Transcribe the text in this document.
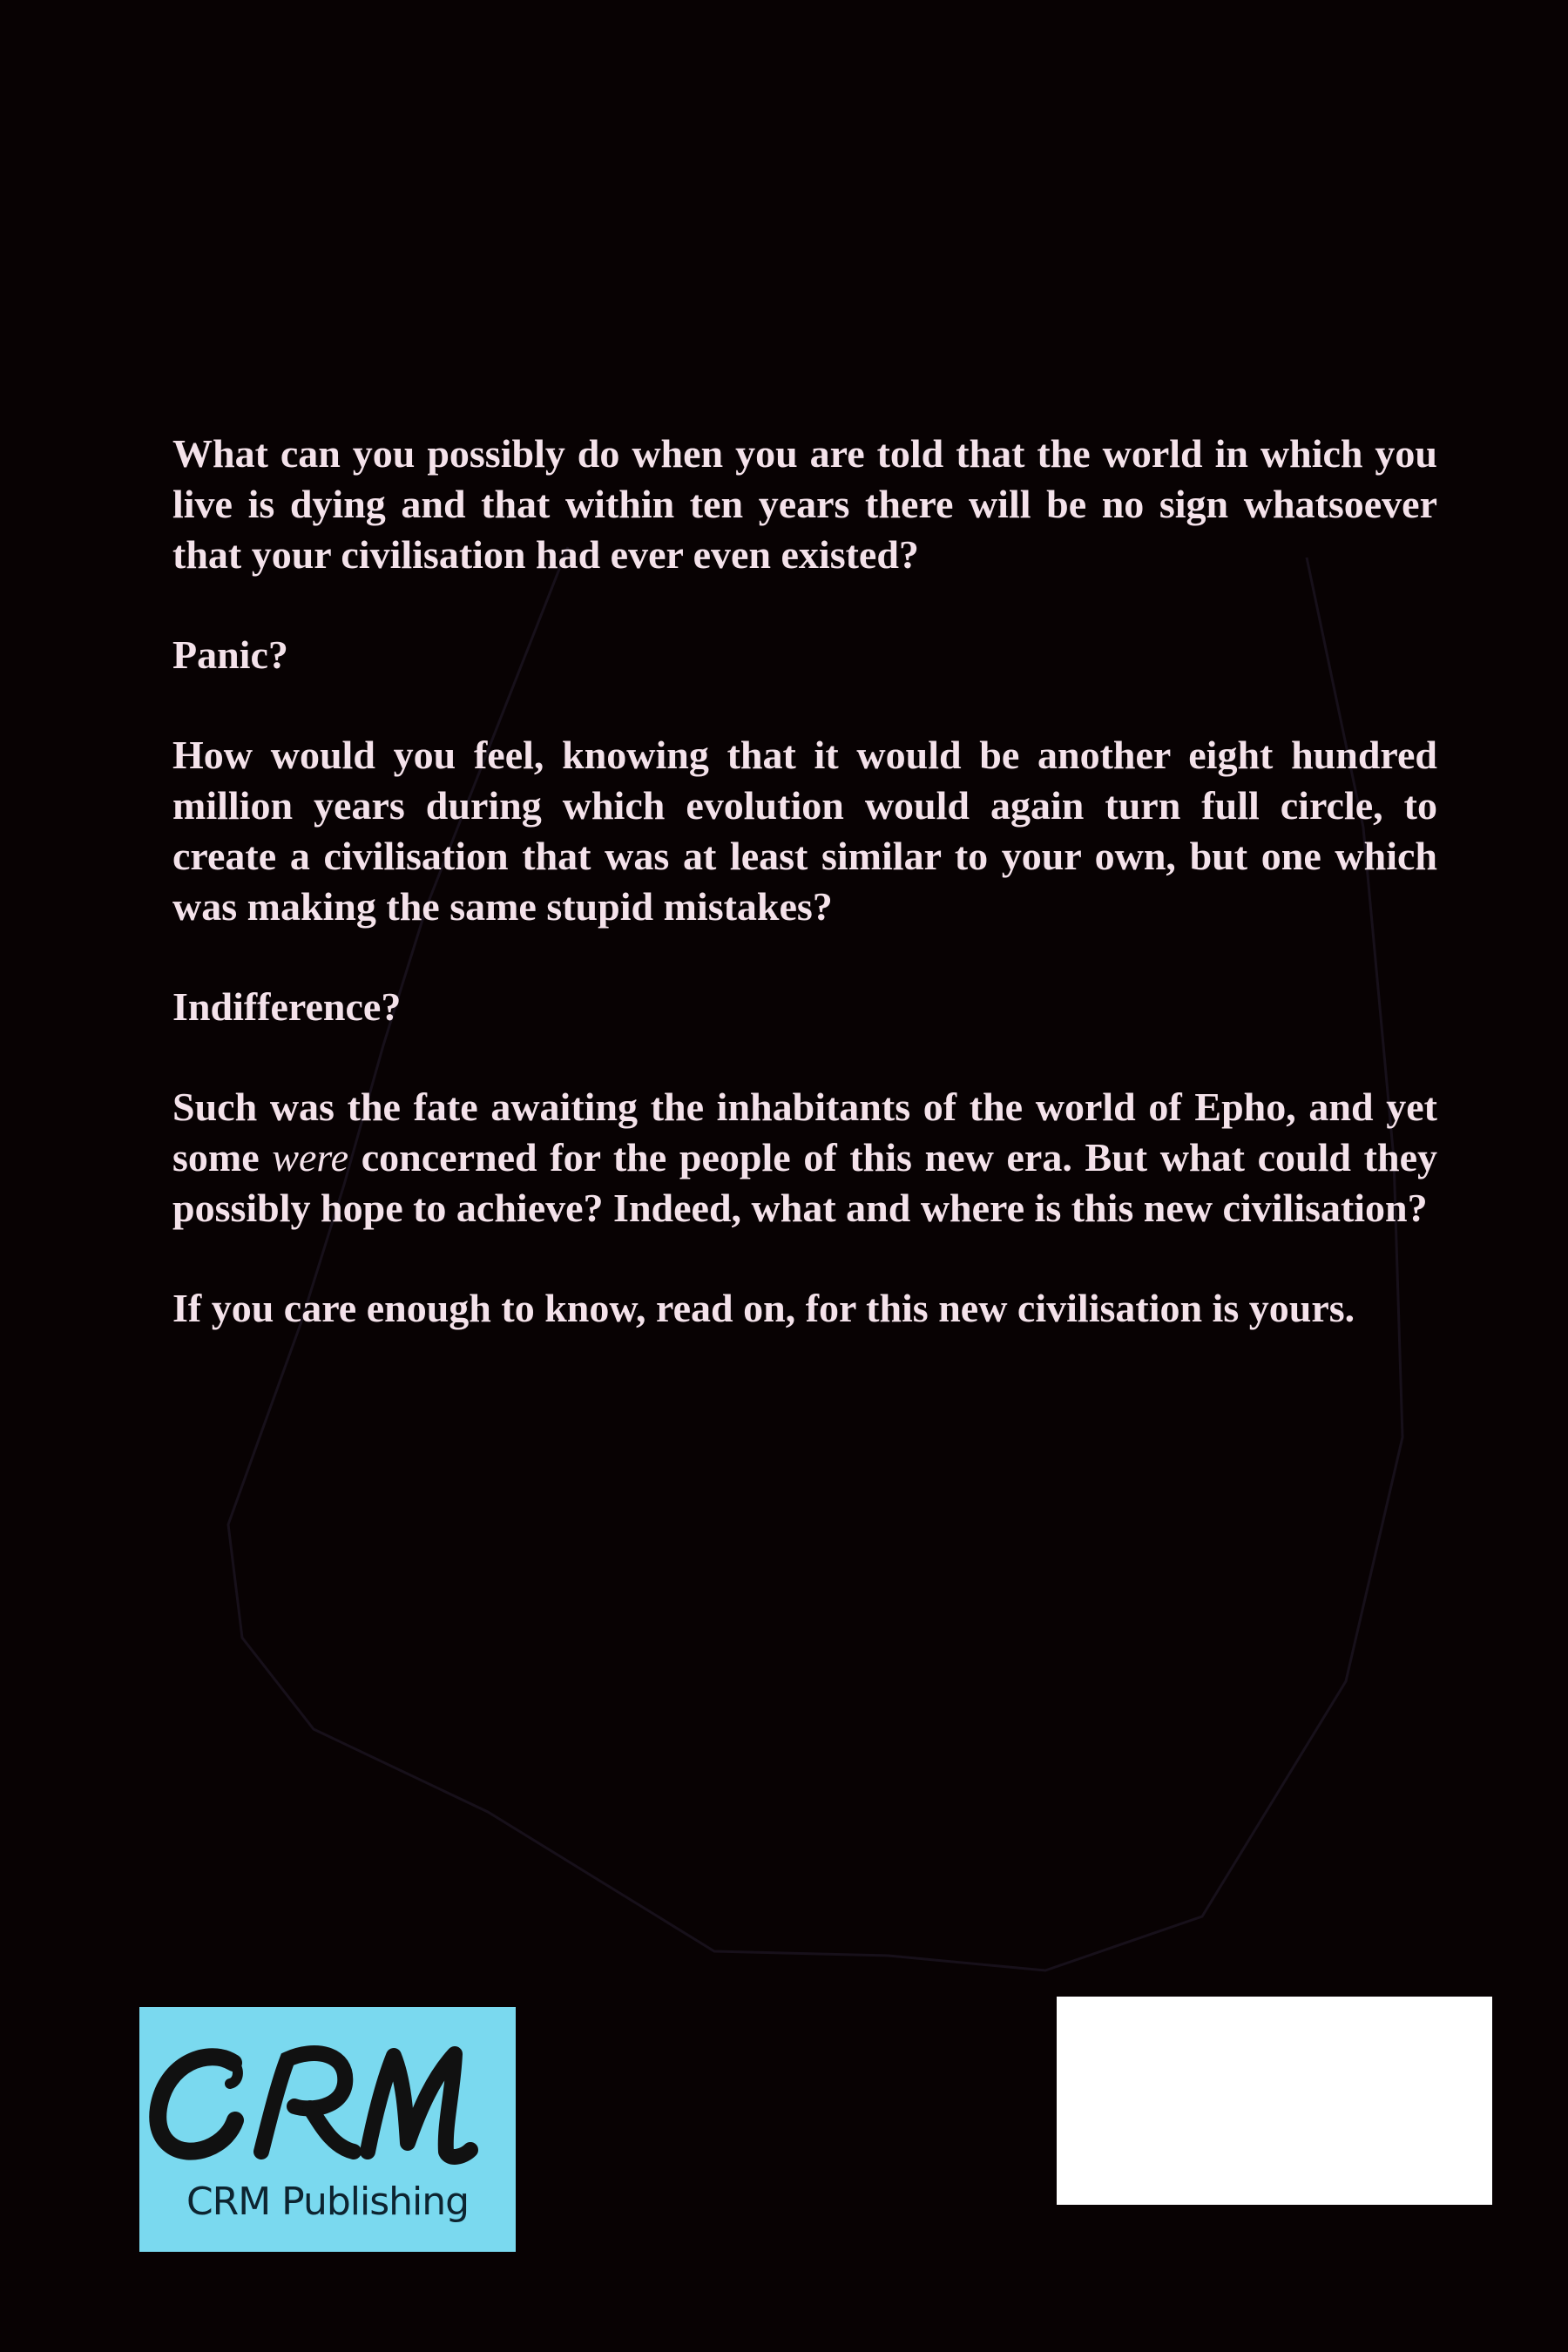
What can you possibly do when you are told that the world in which you live is dying and that within ten years there will be no sign whatsoever that your civilisation had ever even existed?

Panic?

How would you feel, knowing that it would be another eight hundred million years during which evolution would again turn full circle, to create a civilisation that was at least similar to your own, but one which was making the same stupid mistakes?

Indifference?

Such was the fate awaiting the inhabitants of the world of Epho, and yet some were concerned for the people of this new era. But what could they possibly hope to achieve? Indeed, what and where is this new civilisation?

If you care enough to know, read on, for this new civilisation is yours.

CRM Publishing
